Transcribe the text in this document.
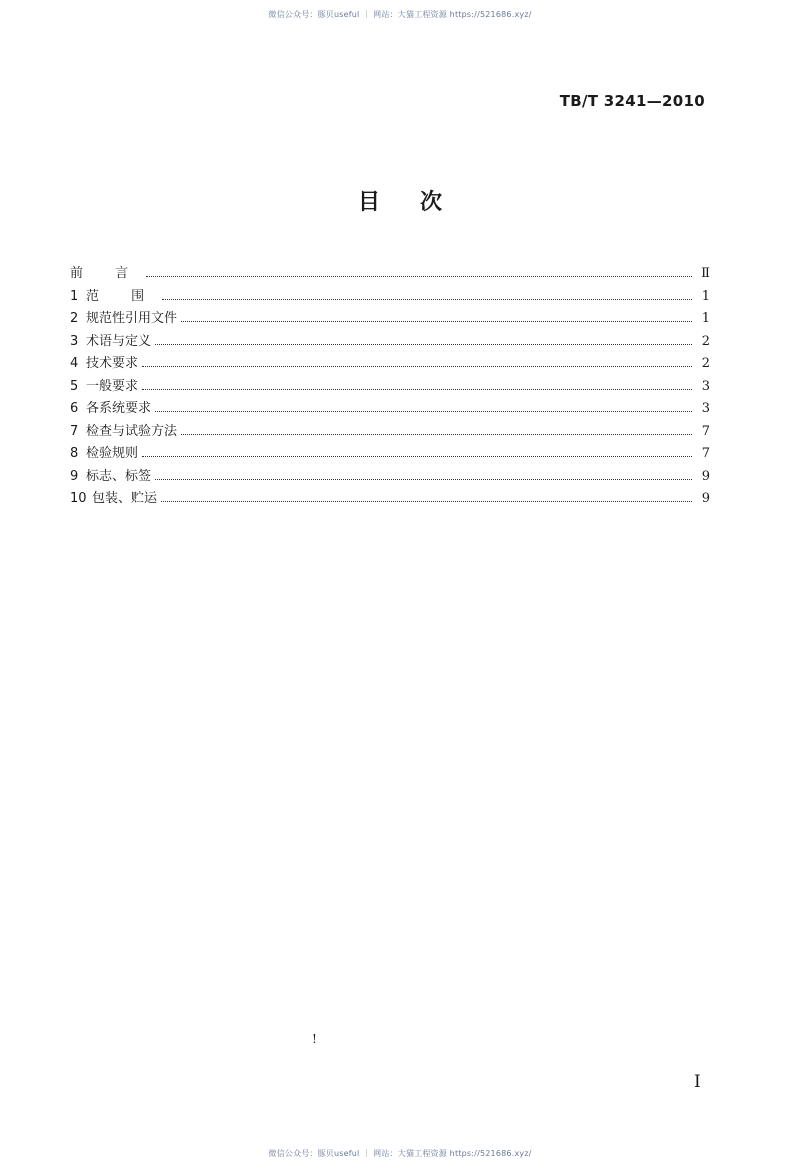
微信公众号：豚贝useful ｜ 网站：大猫工程资源 https://521686.xyz/
TB/T 3241—2010
目次
前 言	Ⅱ
1 范 围	1
2 规范性引用文件	1
3 术语与定义	2
4 技术要求	2
5 一般要求	3
6 各系统要求	3
7 检查与试验方法	7
8 检验规则	7
9 标志、标签	9
10 包装、贮运	9
!
I
微信公众号：豚贝useful ｜ 网站：大猫工程资源 https://521686.xyz/
